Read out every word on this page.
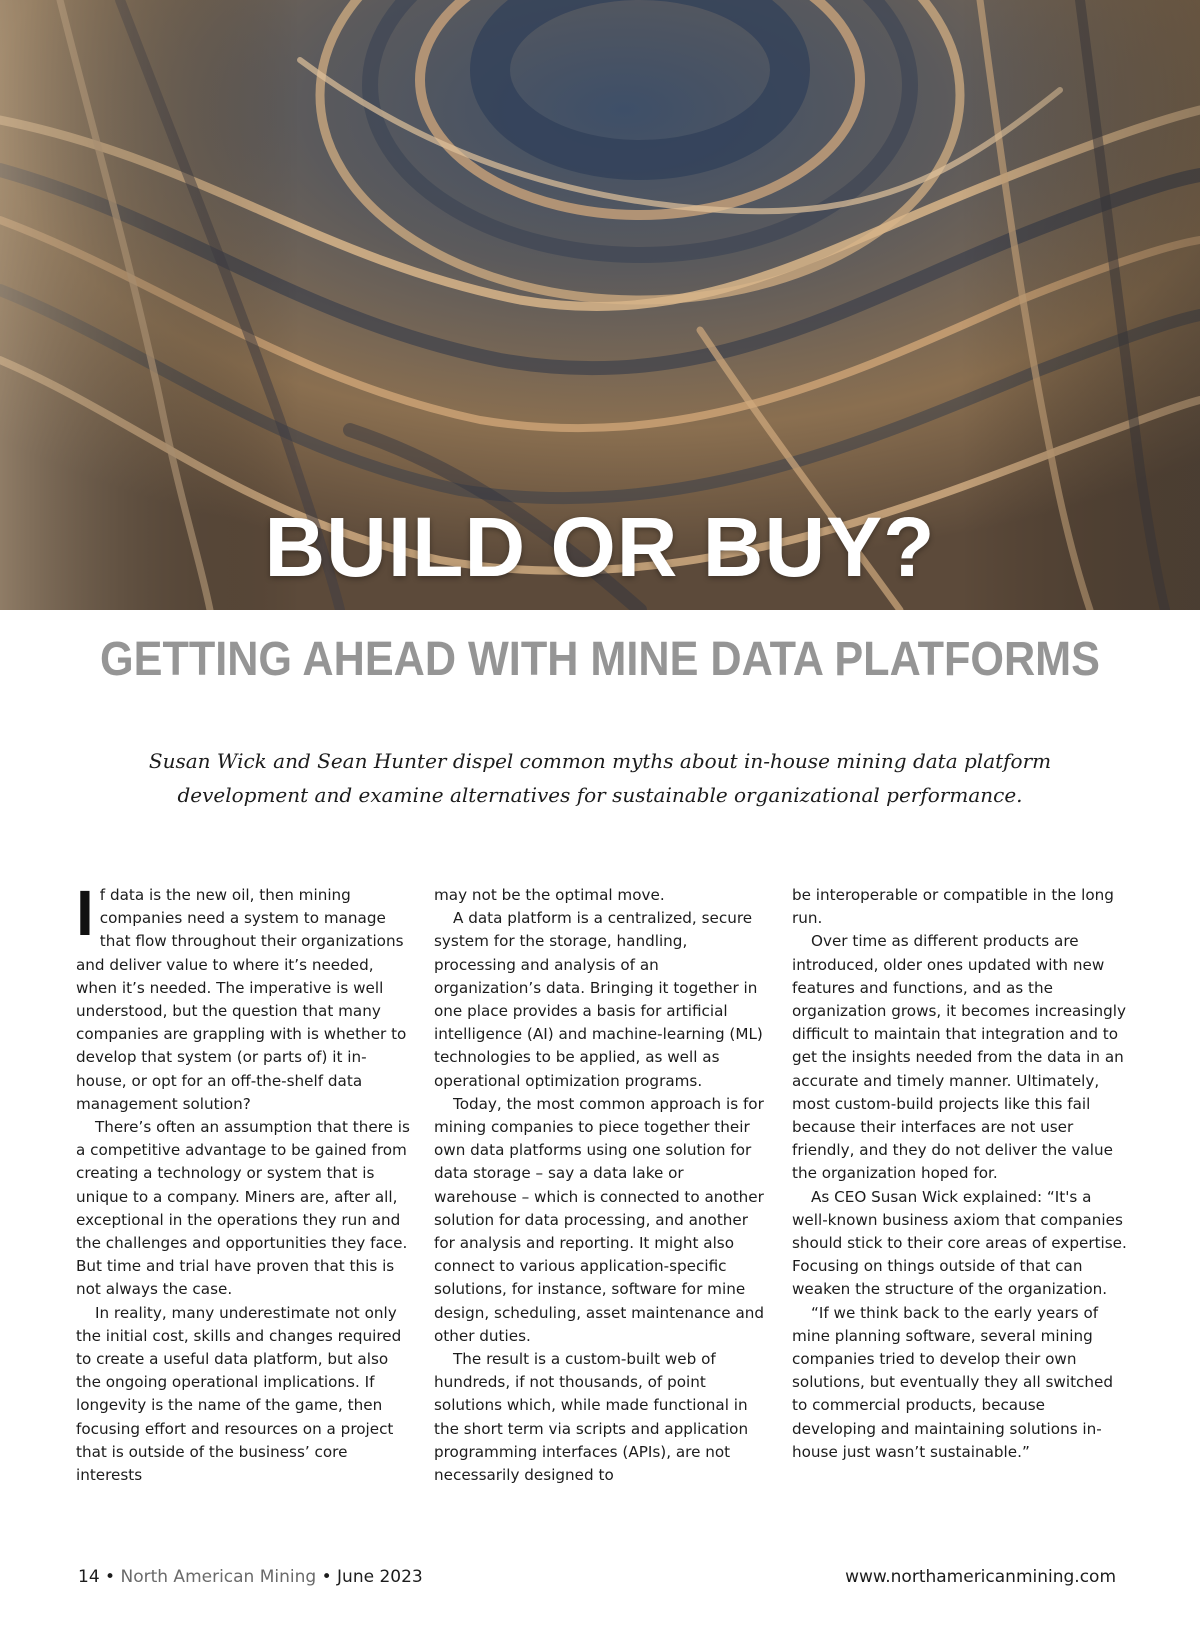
BUILD OR BUY?
GETTING AHEAD WITH MINE DATA PLATFORMS
Susan Wick and Sean Hunter dispel common myths about in-house mining data platform development and examine alternatives for sustainable organizational performance.

If data is the new oil, then mining companies need a system to manage that flow throughout their organizations and deliver value to where it’s needed, when it’s needed. The imperative is well understood, but the question that many companies are grappling with is whether to develop that system (or parts of) it in-house, or opt for an off-the-shelf data management solution?

There’s often an assumption that there is a competitive advantage to be gained from creating a technology or system that is unique to a company. Miners are, after all, exceptional in the operations they run and the challenges and opportunities they face. But time and trial have proven that this is not always the case.

In reality, many underestimate not only the initial cost, skills and changes required to create a useful data platform, but also the ongoing operational implications. If longevity is the name of the game, then focusing effort and resources on a project that is outside of the business’ core interests

may not be the optimal move.

A data platform is a centralized, secure system for the storage, handling, processing and analysis of an organization’s data. Bringing it together in one place provides a basis for artificial intelligence (AI) and machine-learning (ML) technologies to be applied, as well as operational optimization programs.

Today, the most common approach is for mining companies to piece together their own data platforms using one solution for data storage – say a data lake or warehouse – which is connected to another solution for data processing, and another for analysis and reporting. It might also connect to various application-specific solutions, for instance, software for mine design, scheduling, asset maintenance and other duties.

The result is a custom-built web of hundreds, if not thousands, of point solutions which, while made functional in the short term via scripts and application programming interfaces (APIs), are not necessarily designed to

be interoperable or compatible in the long run.

Over time as different products are introduced, older ones updated with new features and functions, and as the organization grows, it becomes increasingly difficult to maintain that integration and to get the insights needed from the data in an accurate and timely manner. Ultimately, most custom-build projects like this fail because their interfaces are not user friendly, and they do not deliver the value the organization hoped for.

As CEO Susan Wick explained: “It's a well-known business axiom that companies should stick to their core areas of expertise. Focusing on things outside of that can weaken the structure of the organization.

“If we think back to the early years of mine planning software, several mining companies tried to develop their own solutions, but eventually they all switched to commercial products, because developing and maintaining solutions in-house just wasn’t sustainable.”

14 • North American Mining • June 2023	www.northamericanmining.com
